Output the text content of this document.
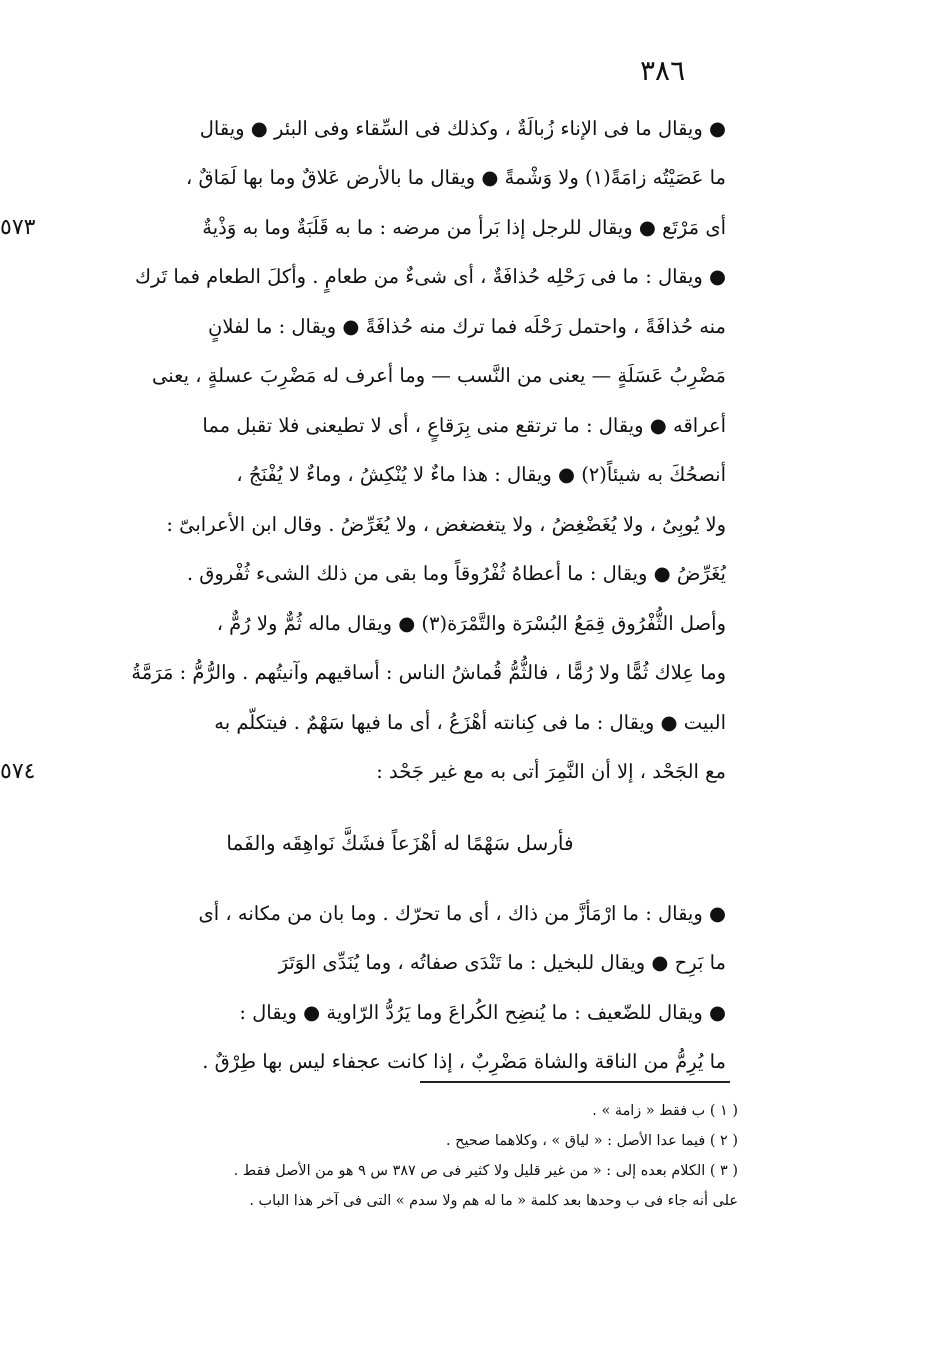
٣٨٦
● ويقال ما فى الإناء زُبالَةٌ ، وكذلك فى السِّقاء وفى البئر ● ويقال
ما عَصَيْتُه زامَةً(١) ولا وَشْمةً ● ويقال ما بالأرض عَلاقٌ وما بها لَمَاقٌ ،
أى مَرْتَع ● ويقال للرجل إذا بَرأ من مرضه : ما به قَلَبَةٌ وما به وَذْيةٌ
٥٧٣
● ويقال : ما فى رَحْلِه حُذافَةٌ ، أى شىءٌ من طعامٍ . وأكلَ الطعام فما تَرك
منه حُذافَةً ، واحتمل رَحْلَه فما ترك منه حُذافَةً ● ويقال : ما لفلانٍ
مَضْرِبُ عَسَلَةٍ — يعنى من النَّسب — وما أعرف له مَضْرِبَ عسلةٍ ، يعنى
أعراقه ● ويقال : ما ترتقع منى بِرَقاعٍ ، أى لا تطيعنى فلا تقبل مما
أنصحُكَ به شيئاً(٢) ● ويقال : هذا ماءٌ لا يُنْكِشُ ، وماءٌ لا يُفْنَجُ ،
ولا يُوبِىُ ، ولا يُغَضْغِضُ ، ولا يتغضغض ، ولا يُغَرِّضُ . وقال ابن الأعرابىّ :
يُغَرِّضُ ● ويقال : ما أعطاهُ ثُفْرُوقاً وما بقى من ذلك الشىء ثُفْروق .
وأصل الثُّفْرُوق قِمَعُ البُسْرَة والتَّمْرَة(٣) ● ويقال ماله ثُمٌّ ولا رُمٌّ ،
وما عِلاك ثُمًّا ولا رُمًّا ، فالثُّمُّ قُماشُ الناس : أساقيهم وآنيتُهم . والرُّمُّ : مَرَمَّةُ
البيت ● ويقال : ما فى كِنانته أهْزَعُ ، أى ما فيها سَهْمٌ . فيتكلّم به
مع الجَحْد ، إلا أن النَّمِرَ أتى به مع غير جَحْد :
٥٧٤
فأرسل سَهْمًا له أهْزَعاً فشَكَّ نَواهِقَه والفَما
● ويقال : ما ارْمَأزَّ من ذاك ، أى ما تحرّك . وما بان من مكانه ، أى
ما بَرِح ● ويقال للبخيل : ما تَنْدَى صفاتُه ، وما يُنَدِّى الوَتَرَ
● ويقال للضّعيف : ما يُنضِح الكُراعَ وما يَرُدُّ الرّاوية ● ويقال :
ما يُرِمُّ من الناقة والشاة مَضْرِبٌ ، إذا كانت عجفاء ليس بها طِرْقٌ .
( ١ ) ب فقط « زامة » .
( ٢ ) فيما عدا الأصل : « لياق » ، وكلاهما صحيح .
( ٣ ) الكلام بعده إلى : « من غير قليل ولا كثير فى ص ٣٨٧ س ٩ هو من الأصل فقط .
على أنه جاء فى ب وحدها بعد كلمة « ما له هم ولا سدم » التى فى آخر هذا الباب .
